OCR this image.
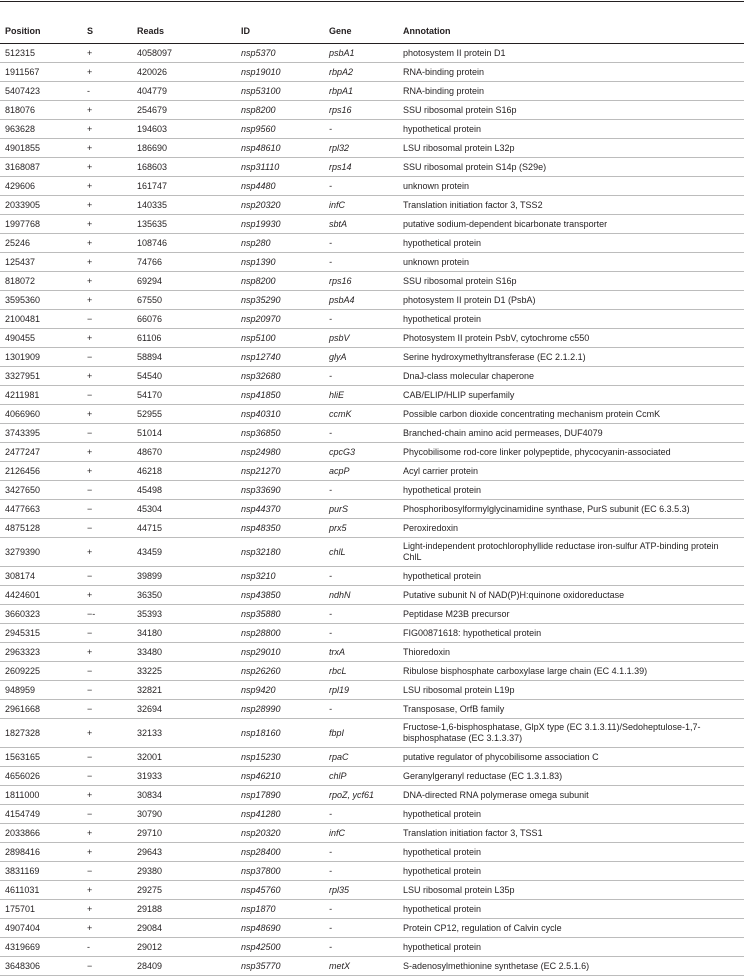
Position	S	Reads	ID	Gene	Annotation
512315	+	4058097	nsp5370	psbA1	photosystem II protein D1
1911567	+	420026	nsp19010	rbpA2	RNA-binding protein
5407423	-	404779	nsp53100	rbpA1	RNA-binding protein
818076	+	254679	nsp8200	rps16	SSU ribosomal protein S16p
963628	+	194603	nsp9560	-	hypothetical protein
4901855	+	186690	nsp48610	rpl32	LSU ribosomal protein L32p
3168087	+	168603	nsp31110	rps14	SSU ribosomal protein S14p (S29e)
429606	+	161747	nsp4480	-	unknown protein
2033905	+	140335	nsp20320	infC	Translation initiation factor 3, TSS2
1997768	+	135635	nsp19930	sbtA	putative sodium-dependent bicarbonate transporter
25246	+	108746	nsp280	-	hypothetical protein
125437	+	74766	nsp1390	-	unknown protein
818072	+	69294	nsp8200	rps16	SSU ribosomal protein S16p
3595360	+	67550	nsp35290	psbA4	photosystem II protein D1 (PsbA)
2100481	−	66076	nsp20970	-	hypothetical protein
490455	+	61106	nsp5100	psbV	Photosystem II protein PsbV, cytochrome c550
1301909	−	58894	nsp12740	glyA	Serine hydroxymethyltransferase (EC 2.1.2.1)
3327951	+	54540	nsp32680	-	DnaJ-class molecular chaperone
4211981	−	54170	nsp41850	hliE	CAB/ELIP/HLIP superfamily
4066960	+	52955	nsp40310	ccmK	Possible carbon dioxide concentrating mechanism protein CcmK
3743395	−	51014	nsp36850	-	Branched-chain amino acid permeases, DUF4079
2477247	+	48670	nsp24980	cpcG3	Phycobilisome rod-core linker polypeptide, phycocyanin-associated
2126456	+	46218	nsp21270	acpP	Acyl carrier protein
3427650	−	45498	nsp33690	-	hypothetical protein
4477663	−	45304	nsp44370	purS	Phosphoribosylformylglycinamidine synthase, PurS subunit (EC 6.3.5.3)
4875128	−	44715	nsp48350	prx5	Peroxiredoxin
3279390	+	43459	nsp32180	chlL	Light-independent protochlorophyllide reductase iron-sulfur ATP-binding protein ChlL
308174	−	39899	nsp3210	-	hypothetical protein
4424601	+	36350	nsp43850	ndhN	Putative subunit N of NAD(P)H:quinone oxidoreductase
3660323	−-	35393	nsp35880	-	Peptidase M23B precursor
2945315	−	34180	nsp28800	-	FIG00871618: hypothetical protein
2963323	+	33480	nsp29010	trxA	Thioredoxin
2609225	−	33225	nsp26260	rbcL	Ribulose bisphosphate carboxylase large chain (EC 4.1.1.39)
948959	−	32821	nsp9420	rpl19	LSU ribosomal protein L19p
2961668	−	32694	nsp28990	-	Transposase, OrfB family
1827328	+	32133	nsp18160	fbpI	Fructose-1,6-bisphosphatase, GlpX type (EC 3.1.3.11)/Sedoheptulose-1,7-bisphosphatase (EC 3.1.3.37)
1563165	−	32001	nsp15230	rpaC	putative regulator of phycobilisome association C
4656026	−	31933	nsp46210	chlP	Geranylgeranyl reductase (EC 1.3.1.83)
1811000	+	30834	nsp17890	rpoZ, ycf61	DNA-directed RNA polymerase omega subunit
4154749	−	30790	nsp41280	-	hypothetical protein
2033866	+	29710	nsp20320	infC	Translation initiation factor 3, TSS1
2898416	+	29643	nsp28400	-	hypothetical protein
3831169	−	29380	nsp37800	-	hypothetical protein
4611031	+	29275	nsp45760	rpl35	LSU ribosomal protein L35p
175701	+	29188	nsp1870	-	hypothetical protein
4907404	+	29084	nsp48690	-	Protein CP12, regulation of Calvin cycle
4319669	-	29012	nsp42500	-	hypothetical protein
3648306	−	28409	nsp35770	metX	S-adenosylmethionine synthetase (EC 2.5.1.6)
